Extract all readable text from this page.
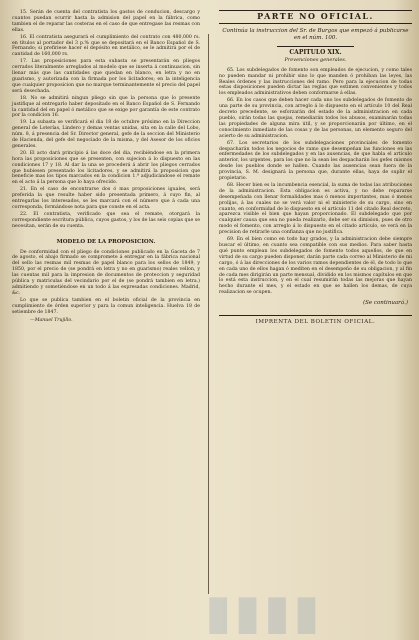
15. Serán de cuenta del contratista los gastos de conducion, descargo y cuantos puedan ocurrir hasta la admision del papel en la fábrica, como tambien el de reparar las costeras en el caso de que entregase las resmas con ellas.

16. El contratista asegurará el cumplimiento del contrato con 480,000 rs. en títulos al portador del 3 p.% que se depositará en el Banco Español de S. Fernando; si prefiriese hacer el depósito en metálico, se le admitirá por el de cantidad de 160,000 rs.

17. Las proposiciones para esta subasta se presentarán en pliegos cerrados literalmente arreglados al modelo que se inserta á continuacion, sin llenar más que las cantidades que quedan en blanco, en letra y no en guarismo, y autorizada con la firmada por los licitadores; en la inteligencia que cualquier proposicion que no marque terminantemente el precio del papel será desechada.

18. No se admitirá ningun pliego sin que la persona que lo presente justifique al entregarlo haber depositado en el Banco Español de S. Fernando la cantidad del en papel ó metálico que se exige por garantía de este contrato por la condicion 16.

19. La subasta se verificará el dia 18 de octubre próximo en la Direccion general de Loterías, Lindero y demas ventas unidas, sita en la calle del Lobo, núm. 8, á presencia del Sr. Director general, gefe de la seccion del Ministerio de Hacienda, del gefe del negociado de la misma, y del Asesor de los oficios generales.

20. El acto dará principio á las doce del dia, recibiéndose en la primera hora las proposiciones que se presenten, con sujecion á lo dispuesto en las condiciones 17 y 18. Al dar la una se procederá á abrir los pliegos cerrados que hubiesen presentado los licitadores, y se admitirá la proposicion que beneficie mas los tipos marcados en la condicion 1.ª adjudicándose el remate en el acto á la persona que lo haya ofrecido.

21. En el caso de encontrarse dos ó mas proposiciones iguales, será preferida la que resulte haber sido presentada primero, á cuyo fin, al entregarlas los interesados, se les marcará con el número que á cada una corresponda, formándose nota para que conste en el acta.

22. El contratista, verificado que sea el remate, otorgará la correspondiente escritura pública, cuyos gastos, y los de las seis copias que se necesitan, serán de su cuenta.

MODELO DE LA PROPOSICION.

De conformidad con el pliego de condiciones publicado en la Gaceta de 7 de agosto, el abajo firmado se compromete á entregar en la fábrica nacional del sello las resmas mil resmas de papel blanco para los sellos de 1849, y 1850, por el precio de (se pondrá en letra y no en guarismo) reales vellon, y las cuentas mil para la impresion de documentos de proteccion y seguridad pública y matriculas del vecindario por el de (se pondrá tambien en letra.) admitiendo y sometiéndose en un todo á las espresadas condiciones. Madrid, &c.

Lo que se publica tambien en el boletin oficial de la provincia en cumplimiento de órden superior y para la comun inteligencia. Huelva 18 de setiembre de 1847.

—Manuel Trujillo.

PARTE NO OFICIAL.
Continúa la instruccion del Sr. de Burgos que empezó á publicarse en el núm. 100.
CAPITULO XIX.
Prevenciones generales.

65. Los subdelegados de fomento son empleados de ejecucion, y como tales no pueden mandar ni prohibir sino lo que manden ó prohiban las leyes, las Reales órdenes y las instrucciones del ramo. Pero para la ejecucion de todas estas disposiciones pueden dictar las reglas que estimen convenientes y todos los empleados administrativos deben conformarse á ellas.

66. En los casos que deben hacer cada uno los subdelegados de fomento de una parte de su provincia, con arreglo á lo dispuesto en el artículo 10 del Real decreto precedente, se esforzarán del estado de la administracion en cada pueblo, oirán todas las quejas, remediarán todos los abusos, examinarán todas las propiedades de alguna mira útil, y se proporcionarán por último, en el conocimiento inmediato de las cosas y de las personas, un elemento seguro del acierto de su administracion.

67. Los secretarios de los subdelegaciones provinciales de fomento despacharán todos los negocios de ramo que desempeñan las funciones en las enfermedades de los subdelegados y en las ausencias, de que habla el artículo anterior, los urgentes, para los que no la sean les despacharán los gefes mismos desde los pueblos donde se hallen. Cuando las ausencias sean fuera de la provincia, S. M. designará la persona que, durante ellas, haya de suplir el propietario.

68. Hecer bien es la incumbencia esencial, la suma de todas las atribuciones de la administracion. Esta obligacion es activa, y no debe repararse desempeñada con llenar formalidades mas ó menos importantes, mas ó menos prolijas, á las cuales no se verá valor ni el ministerio de su cargo, sino en cuanto, en conformidad de lo dispuesto en el artículo 11 del citado Real decreto, aparezca visible el bien que hayan proporcionado. El subdelegado que por cualquier causa que sea no pueda realizarlo, debe ser su dimision, pues de otro modo el fomento, con arreglo á lo dispuesto en el citado artículo, se verá en la precision de retirarle una confianza que no justifica.

69. En el bien como en todo hay grados, y la administracion debe siempre buscar el último, en cuanto sea compatible con sus medios. Para saber hasta qué punto emplean los subdelegados de fomento todos aquellos, de que en virtud de su cargo pueden disponer, darán parte cada correo al Ministerio de mi cargo, ó á las direcciones de los varios ramos dependientes de él, de todo lo que en cada uno de ellos hagan ó mediten en el desempeño de su obligacion, y al fin de cada mes dirigirán un parte mensual, dividido en los mismos capítulos en que lo está esta instruccion, y en el cual resumirán todas las mejoras que hayan hecho durante el mes, y el estado en que se hallen los demas, de cuya realizacion se ocupen.

(Se continuará.)
IMPRENTA DEL BOLETIN OFICIAL.
▮▮▮▮
